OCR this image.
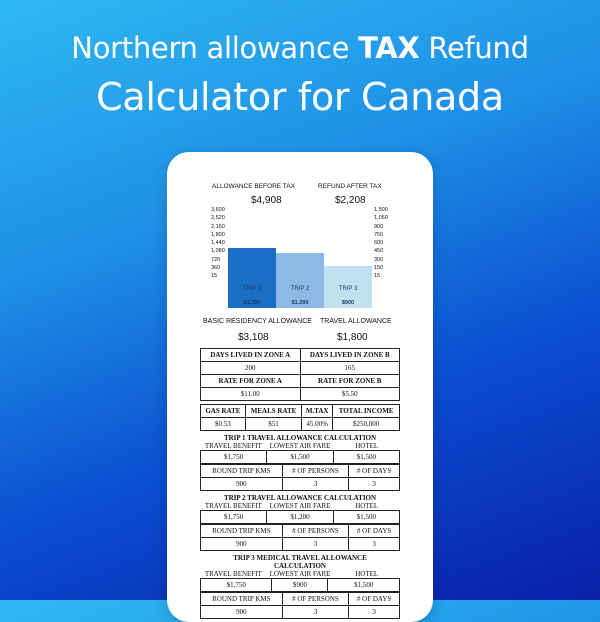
Northern allowance TAX Refund
Calculator for Canada
ALLOWANCE BEFORE TAX	REFUND AFTER TAX
$4,908	$2,208
3,600
2,520
2,160
1,800
1,440
1,080
720
360
15
1,500
1,050
900
750
600
450
300
150
15
TRIP 1
$1,300
TRIP 2
$1,200
TRIP 3
$900
BASIC RESIDENCY ALLOWANCE TRAVEL ALLOWANCE
$3,108	$1,800
DAYS LIVED IN ZONE A	DAYS LIVED IN ZONE B
200	165
RATE FOR ZONE A	RATE FOR ZONE B
$11.00	$5.50
GAS RATE	MEALS RATE	M.TAX	TOTAL INCOME
$0.53	$51	45.00%	$250,000
TRIP 1 TRAVEL ALLOWANCE CALCULATION
TRAVEL BENEFIT	LOWEST AIR FARE	HOTEL
$1,750	$1,500	$1,500
ROUND TRIP KMS	# OF PERSONS	# OF DAYS
900	3	3
TRIP 2 TRAVEL ALLOWANCE CALCULATION
TRAVEL BENEFIT	LOWEST AIR FARE	HOTEL
$1,750	$1,200	$1,500
ROUND TRIP KMS	# OF PERSONS	# OF DAYS
900	3	3
TRIP 3 MEDICAL TRAVEL ALLOWANCE CALCULATION
TRAVEL BENEFIT	LOWEST AIR FARE	HOTEL
$1,750	$900	$1,500
ROUND TRIP KMS	# OF PERSONS	# OF DAYS
900	3	3
